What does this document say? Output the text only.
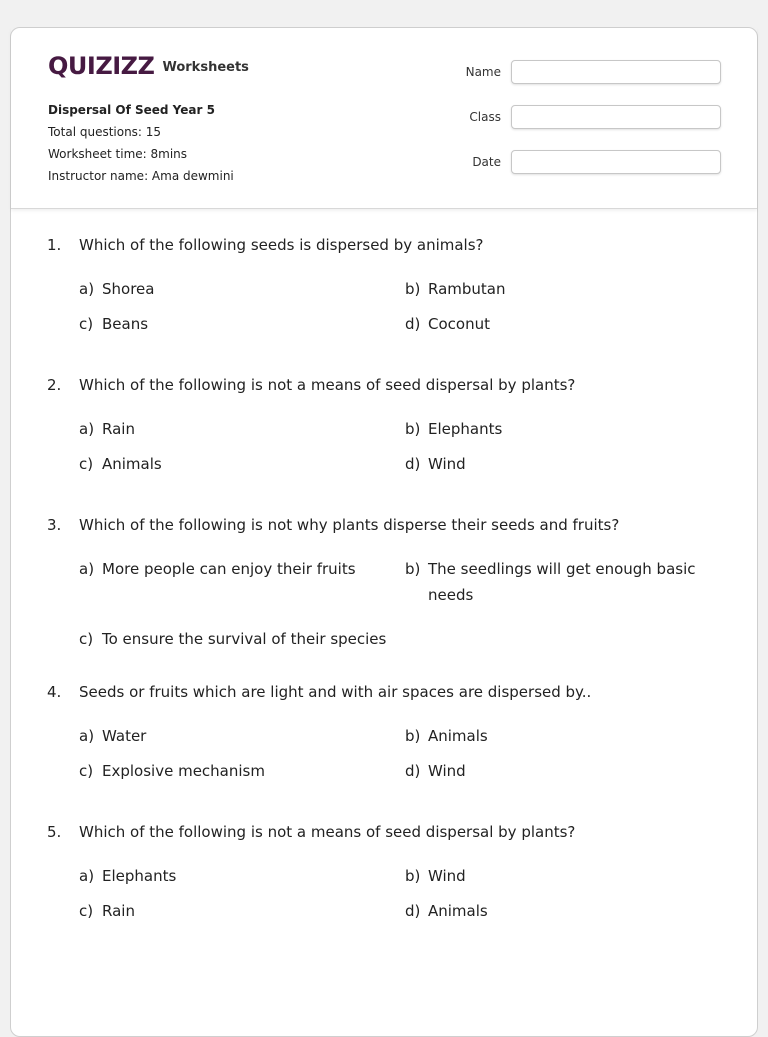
QUIZIZZ Worksheets
Dispersal Of Seed Year 5
Total questions: 15
Worksheet time: 8mins
Instructor name: Ama dewmini
Name
Class
Date
1. Which of the following seeds is dispersed by animals?
a) Shorea	b) Rambutan
c) Beans	d) Coconut
2. Which of the following is not a means of seed dispersal by plants?
a) Rain	b) Elephants
c) Animals	d) Wind
3. Which of the following is not why plants disperse their seeds and fruits?
a) More people can enjoy their fruits	b) The seedlings will get enough basic needs
c) To ensure the survival of their species
4. Seeds or fruits which are light and with air spaces are dispersed by..
a) Water	b) Animals
c) Explosive mechanism	d) Wind
5. Which of the following is not a means of seed dispersal by plants?
a) Elephants	b) Wind
c) Rain	d) Animals
